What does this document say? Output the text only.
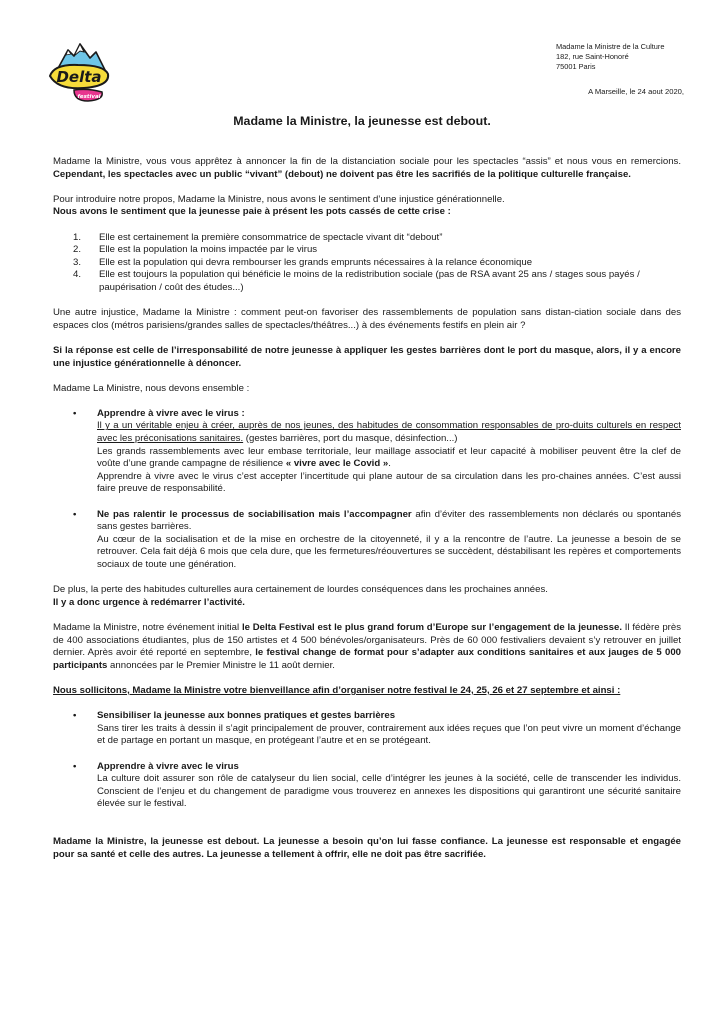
Delta
festival
Madame la Ministre de la Culture
182, rue Saint-Honoré
75001 Paris
A Marseille, le 24 aout 2020,
Madame la Ministre, la jeunesse est debout.

Madame la Ministre, vous vous apprêtez à annoncer la fin de la distanciation sociale pour les spectacles “assis” et nous vous en remercions. Cependant, les spectacles avec un public “vivant” (debout) ne doivent pas être les sacrifiés de la politique culturelle française.

Pour introduire notre propos, Madame la Ministre, nous avons le sentiment d’une injustice générationnelle.

Nous avons le sentiment que la jeunesse paie à présent les pots cassés de cette crise :

1. Elle est certainement la première consommatrice de spectacle vivant dit “debout”
2. Elle est la population la moins impactée par le virus
3. Elle est la population qui devra rembourser les grands emprunts nécessaires à la relance économique
4. Elle est toujours la population qui bénéficie le moins de la redistribution sociale (pas de RSA avant 25 ans / stages sous payés / paupérisation / coût des études...)

Une autre injustice, Madame la Ministre : comment peut-on favoriser des rassemblements de population sans distan-ciation sociale dans des espaces clos (métros parisiens/grandes salles de spectacles/théâtres...) à des événements festifs en plein air ?

Si la réponse est celle de l’irresponsabilité de notre jeunesse à appliquer les gestes barrières dont le port du masque, alors, il y a encore une injustice générationnelle à dénoncer.

Madame La Ministre, nous devons ensemble :

• Apprendre à vivre avec le virus :
Il y a un véritable enjeu à créer, auprès de nos jeunes, des habitudes de consommation responsables de pro-duits culturels en respect avec les préconisations sanitaires. (gestes barrières, port du masque, désinfection...)
Les grands rassemblements avec leur embase territoriale, leur maillage associatif et leur capacité à mobiliser peuvent être la clef de voûte d’une grande campagne de résilience « vivre avec le Covid ».
Apprendre à vivre avec le virus c’est accepter l’incertitude qui plane autour de sa circulation dans les pro-chaines années. C’est aussi faire preuve de responsabilité.
• Ne pas ralentir le processus de sociabilisation mais l’accompagner afin d’éviter des rassemblements non déclarés ou spontanés sans gestes barrières.
Au cœur de la socialisation et de la mise en orchestre de la citoyenneté, il y a la rencontre de l’autre. La jeunesse a besoin de se retrouver. Cela fait déjà 6 mois que cela dure, que les fermetures/réouvertures se succèdent, déstabilisant les repères et comportements sociaux de toute une génération.

De plus, la perte des habitudes culturelles aura certainement de lourdes conséquences dans les prochaines années.

Il y a donc urgence à redémarrer l’activité.

Madame la Ministre, notre événement initial le Delta Festival est le plus grand forum d’Europe sur l’engagement de la jeunesse. Il fédère près de 400 associations étudiantes, plus de 150 artistes et 4 500 bénévoles/organisateurs. Près de 60 000 festivaliers devaient s’y retrouver en juillet dernier. Après avoir été reporté en septembre, le festival change de format pour s’adapter aux conditions sanitaires et aux jauges de 5 000 participants annoncées par le Premier Ministre le 11 août dernier.

Nous sollicitons, Madame la Ministre votre bienveillance afin d’organiser notre festival le 24, 25, 26 et 27 septembre et ainsi :

• Sensibiliser la jeunesse aux bonnes pratiques et gestes barrières
Sans tirer les traits à dessin il s’agit principalement de prouver, contrairement aux idées reçues que l’on peut vivre un moment d’échange et de partage en portant un masque, en protégeant l’autre et en se protégeant.
• Apprendre à vivre avec le virus
La culture doit assurer son rôle de catalyseur du lien social, celle d’intégrer les jeunes à la société, celle de transcender les individus. Conscient de l’enjeu et du changement de paradigme vous trouverez en annexes les dispositions qui garantiront une sécurité sanitaire élevée sur le festival.

Madame la Ministre, la jeunesse est debout. La jeunesse a besoin qu’on lui fasse confiance. La jeunesse est responsable et engagée pour sa santé et celle des autres. La jeunesse a tellement à offrir, elle ne doit pas être sacrifiée.
